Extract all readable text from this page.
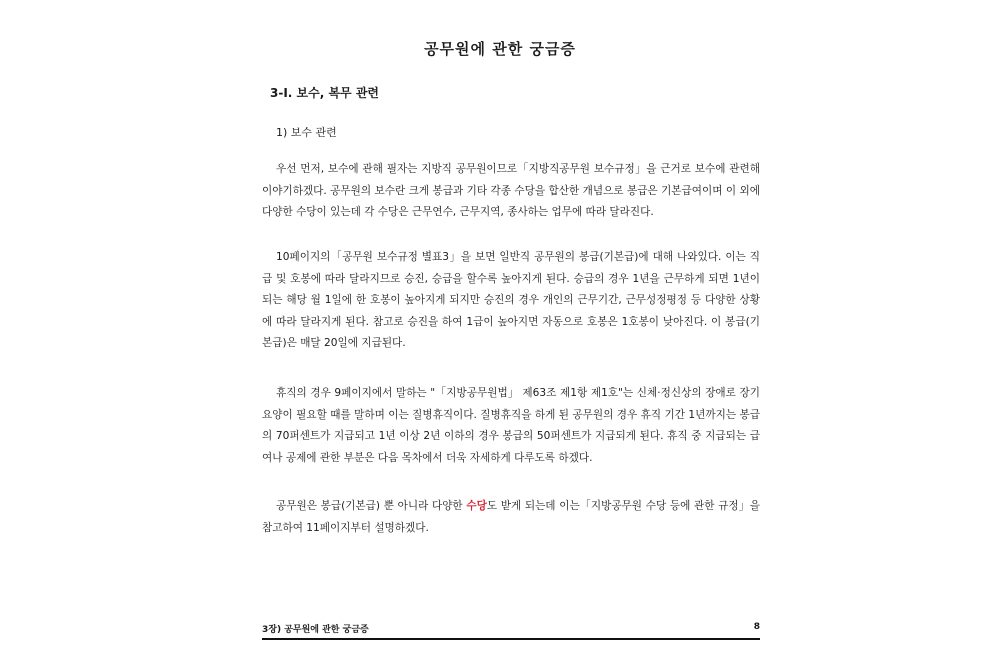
공무원에 관한 궁금증
3-Ⅰ. 보수, 복무 관련
1) 보수 관련

우선 먼저, 보수에 관해 필자는 지방직 공무원이므로「지방직공무원 보수규정」을 근거로 보수에 관련해 이야기하겠다. 공무원의 보수란 크게 봉급과 기타 각종 수당을 합산한 개념으로 봉급은 기본급여이며 이 외에 다양한 수당이 있는데 각 수당은 근무연수, 근무지역, 종사하는 업무에 따라 달라진다.

10페이지의「공무원 보수규정 별표3」을 보면 일반직 공무원의 봉급(기본급)에 대해 나와있다. 이는 직급 및 호봉에 따라 달라지므로 승진, 승급을 할수록 높아지게 된다. 승급의 경우 1년을 근무하게 되면 1년이 되는 해당 월 1일에 한 호봉이 높아지게 되지만 승진의 경우 개인의 근무기간, 근무성정평정 등 다양한 상황에 따라 달라지게 된다. 참고로 승진을 하여 1급이 높아지면 자동으로 호봉은 1호봉이 낮아진다. 이 봉급(기본급)은 매달 20일에 지급된다.

휴직의 경우 9페이지에서 말하는 "「지방공무원법」 제63조 제1항 제1호"는 신체·정신상의 장애로 장기 요양이 필요할 때를 말하며 이는 질병휴직이다. 질병휴직을 하게 된 공무원의 경우 휴직 기간 1년까지는 봉급의 70퍼센트가 지급되고 1년 이상 2년 이하의 경우 봉급의 50퍼센트가 지급되게 된다. 휴직 중 지급되는 급여나 공제에 관한 부분은 다음 목차에서 더욱 자세하게 다루도록 하겠다.

공무원은 봉급(기본급) 뿐 아니라 다양한 수당도 받게 되는데 이는「지방공무원 수당 등에 관한 규정」을 참고하여 11페이지부터 설명하겠다.

3장) 공무원에 관한 궁금증	8
